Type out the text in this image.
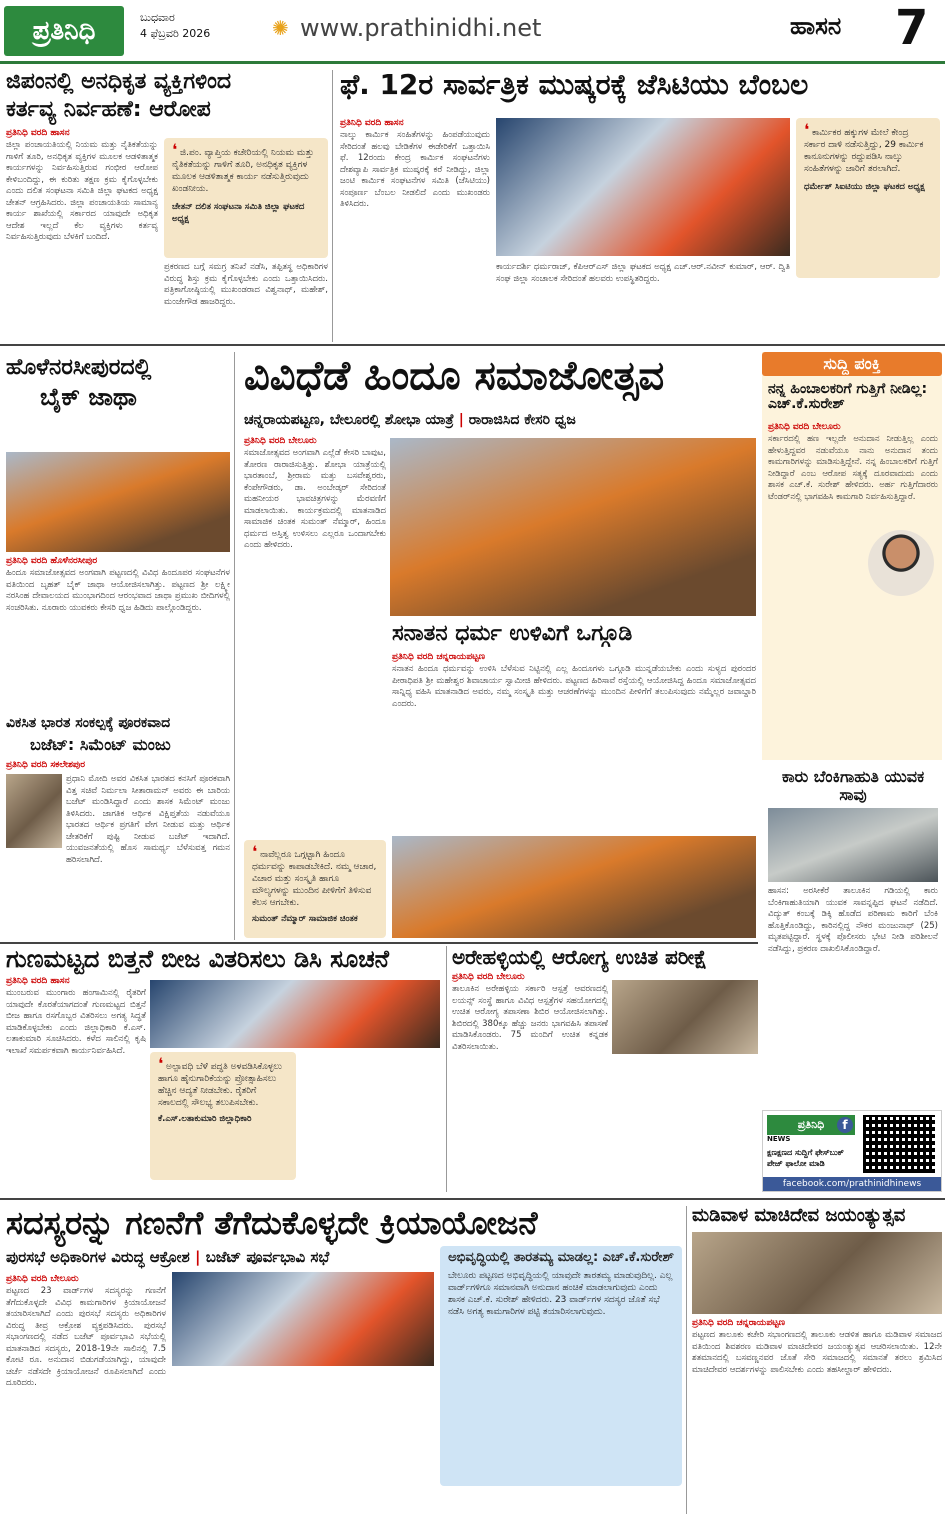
ಪ್ರತಿನಿಧಿ	ಬುಧವಾರ
4 ಫೆಬ್ರವರಿ 2026	✺ www.prathinidhi.net	ಹಾಸನ 7
ಜಿಪಂನಲ್ಲಿ ಅನಧಿಕೃತ ವ್ಯಕ್ತಿಗಳಿಂದ
ಕರ್ತವ್ಯ ನಿರ್ವಹಣೆ: ಆರೋಪ
ಪ್ರತಿನಿಧಿ ವರದಿ ಹಾಸನ
ಜಿಲ್ಲಾ ಪಂಚಾಯತಿಯಲ್ಲಿ ನಿಯಮ ಮತ್ತು ನೈತಿಕತೆಯನ್ನು ಗಾಳಿಗೆ ತೂರಿ, ಅನಧಿಕೃತ ವ್ಯಕ್ತಿಗಳ ಮೂಲಕ ಆಡಳಿತಾತ್ಮಕ ಕಾರ್ಯಗಳನ್ನು ನಿರ್ವಹಿಸುತ್ತಿರುವ ಗಂಭೀರ ಆರೋಪ ಕೇಳಿಬಂದಿದ್ದು, ಈ ಕುರಿತು ತಕ್ಷಣ ಕ್ರಮ ಕೈಗೊಳ್ಳಬೇಕು ಎಂದು ದಲಿತ ಸಂಘಟನಾ ಸಮಿತಿ ಜಿಲ್ಲಾ ಘಟಕದ ಅಧ್ಯಕ್ಷ ಚೇತನ್ ಆಗ್ರಹಿಸಿದರು. ಜಿಲ್ಲಾ ಪಂಚಾಯತಿಯ ಸಾಮಾನ್ಯ ಕಾರ್ಯ ಶಾಖೆಯಲ್ಲಿ ಸರ್ಕಾರದ ಯಾವುದೇ ಅಧಿಕೃತ ಆದೇಶ ಇಲ್ಲದೆ ಕೆಲ ವ್ಯಕ್ತಿಗಳು ಕರ್ತವ್ಯ ನಿರ್ವಹಿಸುತ್ತಿರುವುದು ಬೆಳಕಿಗೆ ಬಂದಿದೆ.
❛ ಜಿ.ಪಂ. ವ್ಯಾಪ್ತಿಯ ಕಚೇರಿಯಲ್ಲಿ ನಿಯಮ ಮತ್ತು ನೈತಿಕತೆಯನ್ನು ಗಾಳಿಗೆ ತೂರಿ, ಅನಧಿಕೃತ ವ್ಯಕ್ತಿಗಳ ಮೂಲಕ ಆಡಳಿತಾತ್ಮಕ ಕಾರ್ಯ ನಡೆಸುತ್ತಿರುವುದು ಖಂಡನೀಯ.
ಚೇತನ್ ದಲಿತ ಸಂಘಟನಾ ಸಮಿತಿ ಜಿಲ್ಲಾ ಘಟಕದ ಅಧ್ಯಕ್ಷ
ಪ್ರಕರಣದ ಬಗ್ಗೆ ಸಮಗ್ರ ತನಿಖೆ ನಡೆಸಿ, ತಪ್ಪಿತಸ್ಥ ಅಧಿಕಾರಿಗಳ ವಿರುದ್ಧ ಶಿಸ್ತು ಕ್ರಮ ಕೈಗೊಳ್ಳಬೇಕು ಎಂದು ಒತ್ತಾಯಿಸಿದರು. ಪತ್ರಿಕಾಗೋಷ್ಠಿಯಲ್ಲಿ ಮುಖಂಡರಾದ ವಿಶ್ವನಾಥ್, ಮಹೇಶ್, ಮಂಜೇಗೌಡ ಹಾಜರಿದ್ದರು.
ಫೆ. 12ರ ಸಾರ್ವತ್ರಿಕ ಮುಷ್ಕರಕ್ಕೆ ಜೆಸಿಟಿಯು ಬೆಂಬಲ
ಪ್ರತಿನಿಧಿ ವರದಿ ಹಾಸನ
ನಾಲ್ಕು ಕಾರ್ಮಿಕ ಸಂಹಿತೆಗಳನ್ನು ಹಿಂಪಡೆಯುವುದು ಸೇರಿದಂತೆ ಹಲವು ಬೇಡಿಕೆಗಳ ಈಡೇರಿಕೆಗೆ ಒತ್ತಾಯಿಸಿ ಫೆ. 12ರಂದು ಕೇಂದ್ರ ಕಾರ್ಮಿಕ ಸಂಘಟನೆಗಳು ದೇಶವ್ಯಾಪಿ ಸಾರ್ವತ್ರಿಕ ಮುಷ್ಕರಕ್ಕೆ ಕರೆ ನೀಡಿದ್ದು, ಜಿಲ್ಲಾ ಜಂಟಿ ಕಾರ್ಮಿಕ ಸಂಘಟನೆಗಳ ಸಮಿತಿ (ಜೆಸಿಟಿಯು) ಸಂಪೂರ್ಣ ಬೆಂಬಲ ನೀಡಲಿದೆ ಎಂದು ಮುಖಂಡರು ತಿಳಿಸಿದರು.
ಕಾರ್ಯದರ್ಶಿ ಧರ್ಮರಾಜ್, ಕೆಪಿಆರ್‌ಎಸ್ ಜಿಲ್ಲಾ ಘಟಕದ ಅಧ್ಯಕ್ಷ ಎಚ್.ಆರ್.ನವೀನ್ ಕುಮಾರ್, ಆರ್. ದ್ವಿತಿ ಸಂಘ ಜಿಲ್ಲಾ ಸಂಚಾಲಕ ಸೇರಿದಂತೆ ಹಲವರು ಉಪಸ್ಥಿತರಿದ್ದರು.
❛ ಕಾರ್ಮಿಕರ ಹಕ್ಕುಗಳ ಮೇಲೆ ಕೇಂದ್ರ ಸರ್ಕಾರ ದಾಳಿ ನಡೆಸುತ್ತಿದ್ದು, 29 ಕಾರ್ಮಿಕ ಕಾನೂನುಗಳನ್ನು ರದ್ದುಪಡಿಸಿ ನಾಲ್ಕು ಸಂಹಿತೆಗಳನ್ನು ಜಾರಿಗೆ ತರಲಾಗಿದೆ.
ಧರ್ಮೇಶ್ ಸಿಐಟಿಯು ಜಿಲ್ಲಾ ಘಟಕದ ಅಧ್ಯಕ್ಷ
ಹೊಳೆನರಸೀಪುರದಲ್ಲಿ
ಬೈಕ್ ಜಾಥಾ
ಪ್ರತಿನಿಧಿ ವರದಿ ಹೊಳೆನರಸೀಪುರ
ಹಿಂದೂ ಸಮಾಜೋತ್ಸವದ ಅಂಗವಾಗಿ ಪಟ್ಟಣದಲ್ಲಿ ವಿವಿಧ ಹಿಂದೂಪರ ಸಂಘಟನೆಗಳ ವತಿಯಿಂದ ಬೃಹತ್ ಬೈಕ್ ಜಾಥಾ ಆಯೋಜಿಸಲಾಗಿತ್ತು. ಪಟ್ಟಣದ ಶ್ರೀ ಲಕ್ಷ್ಮೀ ನರಸಿಂಹ ದೇವಾಲಯದ ಮುಂಭಾಗದಿಂದ ಆರಂಭವಾದ ಜಾಥಾ ಪ್ರಮುಖ ಬೀದಿಗಳಲ್ಲಿ ಸಂಚರಿಸಿತು. ನೂರಾರು ಯುವಕರು ಕೇಸರಿ ಧ್ವಜ ಹಿಡಿದು ಪಾಲ್ಗೊಂಡಿದ್ದರು.
ವಿಕಸಿತ ಭಾರತ ಸಂಕಲ್ಪಕ್ಕೆ ಪೂರಕವಾದ
ಬಜೆಟ್: ಸಿಮೆಂಟ್ ಮಂಜು
ಪ್ರತಿನಿಧಿ ವರದಿ ಸಕಲೇಶಪುರ
ಪ್ರಧಾನಿ ಮೋದಿ ಅವರ ವಿಕಸಿತ ಭಾರತದ ಕನಸಿಗೆ ಪೂರಕವಾಗಿ ವಿತ್ತ ಸಚಿವೆ ನಿರ್ಮಲಾ ಸೀತಾರಾಮನ್ ಅವರು ಈ ಬಾರಿಯ ಬಜೆಟ್ ಮಂಡಿಸಿದ್ದಾರೆ ಎಂದು ಶಾಸಕ ಸಿಮೆಂಟ್ ಮಂಜು ತಿಳಿಸಿದರು. ಜಾಗತಿಕ ಆರ್ಥಿಕ ವಿಕ್ಷಿಪ್ತತೆಯ ನಡುವೆಯೂ ಭಾರತದ ಆರ್ಥಿಕ ಪ್ರಗತಿಗೆ ವೇಗ ನೀಡುವ ಮತ್ತು ಆರ್ಥಿಕ ಚೇತರಿಕೆಗೆ ಪುಷ್ಟಿ ನೀಡುವ ಬಜೆಟ್ ಇದಾಗಿದೆ. ಯುವಜನತೆಯಲ್ಲಿ ಹೊಸ ಸಾಮರ್ಥ್ಯ ಬೆಳೆಸುವತ್ತ ಗಮನ ಹರಿಸಲಾಗಿದೆ.
ವಿವಿಧೆಡೆ ಹಿಂದೂ ಸಮಾಜೋತ್ಸವ
ಚನ್ನರಾಯಪಟ್ಟಣ, ಬೇಲೂರಲ್ಲಿ ಶೋಭಾ ಯಾತ್ರೆ | ರಾರಾಜಿಸಿದ ಕೇಸರಿ ಧ್ವಜ
ಪ್ರತಿನಿಧಿ ವರದಿ ಬೇಲೂರು
ಸಮಾಜೋತ್ಸವದ ಅಂಗವಾಗಿ ಎಲ್ಲೆಡೆ ಕೇಸರಿ ಬಾವುಟ, ತೋರಣ ರಾರಾಜಿಸುತ್ತಿತ್ತು. ಶೋಭಾ ಯಾತ್ರೆಯಲ್ಲಿ ಭಾರತಾಂಬೆ, ಶ್ರೀರಾಮ ಮತ್ತು ಬಸವೇಶ್ವರರು, ಕೆಂಪೇಗೌಡರು, ಡಾ. ಅಂಬೇಡ್ಕರ್ ಸೇರಿದಂತೆ ಮಹನೀಯರ ಭಾವಚಿತ್ರಗಳನ್ನು ಮೆರವಣಿಗೆ ಮಾಡಲಾಯಿತು. ಕಾರ್ಯಕ್ರಮದಲ್ಲಿ ಮಾತನಾಡಿದ ಸಾಮಾಜಿಕ ಚಿಂತಕ ಸುಮಂತ್ ನೆಮ್ಮಾರ್, ಹಿಂದೂ ಧರ್ಮದ ಅಸ್ತಿತ್ವ ಉಳಿಸಲು ಎಲ್ಲರೂ ಒಂದಾಗಬೇಕು ಎಂದು ಹೇಳಿದರು.
❛ ನಾವೆಲ್ಲರೂ ಒಗ್ಗಟ್ಟಾಗಿ ಹಿಂದೂ ಧರ್ಮವನ್ನು ಕಾಪಾಡಬೇಕಿದೆ. ನಮ್ಮ ಆಚಾರ, ವಿಚಾರ ಮತ್ತು ಸಂಸ್ಕೃತಿ ಹಾಗೂ ಮೌಲ್ಯಗಳನ್ನು ಮುಂದಿನ ಪೀಳಿಗೆಗೆ ತಿಳಿಸುವ ಕೆಲಸ ಆಗಬೇಕು.
ಸುಮಂತ್ ನೆಮ್ಮಾರ್ ಸಾಮಾಜಿಕ ಚಿಂತಕ
ಸನಾತನ ಧರ್ಮ ಉಳಿವಿಗೆ ಒಗ್ಗೂಡಿ
ಪ್ರತಿನಿಧಿ ವರದಿ ಚನ್ನರಾಯಪಟ್ಟಣ
ಸನಾತನ ಹಿಂದೂ ಧರ್ಮವನ್ನು ಉಳಿಸಿ ಬೆಳೆಸುವ ನಿಟ್ಟಿನಲ್ಲಿ ಎಲ್ಲ ಹಿಂದೂಗಳು ಒಗ್ಗೂಡಿ ಮುನ್ನಡೆಯಬೇಕು ಎಂದು ಸುಳ್ಯದ ಪುರಂದರ ಪೀಠಾಧಿಪತಿ ಶ್ರೀ ಮಹೇಶ್ವರ ಶಿವಾಚಾರ್ಯ ಸ್ವಾಮೀಜಿ ಹೇಳಿದರು. ಪಟ್ಟಣದ ಹಿರಿಸಾವೆ ರಸ್ತೆಯಲ್ಲಿ ಆಯೋಜಿಸಿದ್ದ ಹಿಂದೂ ಸಮಾಜೋತ್ಸವದ ಸಾನ್ನಿಧ್ಯ ವಹಿಸಿ ಮಾತನಾಡಿದ ಅವರು, ನಮ್ಮ ಸಂಸ್ಕೃತಿ ಮತ್ತು ಆಚರಣೆಗಳನ್ನು ಮುಂದಿನ ಪೀಳಿಗೆಗೆ ತಲುಪಿಸುವುದು ನಮ್ಮೆಲ್ಲರ ಜವಾಬ್ದಾರಿ ಎಂದರು.
ಸುದ್ದಿ ಪಂಕ್ತಿ
ನನ್ನ ಹಿಂಬಾಲಕರಿಗೆ ಗುತ್ತಿಗೆ ನೀಡಿಲ್ಲ: ಎಚ್.ಕೆ.ಸುರೇಶ್
ಪ್ರತಿನಿಧಿ ವರದಿ ಬೇಲೂರು
ಸರ್ಕಾರದಲ್ಲಿ ಹಣ ಇಲ್ಲದೇ ಅನುದಾನ ನೀಡುತ್ತಿಲ್ಲ ಎಂದು ಹೇಳುತ್ತಿದ್ದವರ ನಡುವೆಯೂ ನಾನು ಅನುದಾನ ತಂದು ಕಾಮಗಾರಿಗಳನ್ನು ಮಾಡಿಸುತ್ತಿದ್ದೇನೆ. ನನ್ನ ಹಿಂಬಾಲಕರಿಗೆ ಗುತ್ತಿಗೆ ನೀಡಿದ್ದಾರೆ ಎಂಬ ಆರೋಪ ಸತ್ಯಕ್ಕೆ ದೂರವಾದುದು ಎಂದು ಶಾಸಕ ಎಚ್.ಕೆ. ಸುರೇಶ್ ಹೇಳಿದರು. ಅರ್ಹ ಗುತ್ತಿಗೆದಾರರು ಟೆಂಡರ್‌ನಲ್ಲಿ ಭಾಗವಹಿಸಿ ಕಾಮಗಾರಿ ನಿರ್ವಹಿಸುತ್ತಿದ್ದಾರೆ.
ಕಾರು ಬೆಂಕಿಗಾಹುತಿ ಯುವಕ ಸಾವು
ಹಾಸನ: ಅರಸೀಕೆರೆ ತಾಲೂಕಿನ ಗಡಿಯಲ್ಲಿ ಕಾರು ಬೆಂಕಿಗಾಹುತಿಯಾಗಿ ಯುವಕ ಸಾವನ್ನಪ್ಪಿದ ಘಟನೆ ನಡೆದಿದೆ. ವಿದ್ಯುತ್ ಕಂಬಕ್ಕೆ ಡಿಕ್ಕಿ ಹೊಡೆದ ಪರಿಣಾಮ ಕಾರಿಗೆ ಬೆಂಕಿ ಹೊತ್ತಿಕೊಂಡಿದ್ದು, ಕಾರಿನಲ್ಲಿದ್ದ ನೌಕರ ಮಂಜುನಾಥ್ (25) ಮೃತಪಟ್ಟಿದ್ದಾರೆ. ಸ್ಥಳಕ್ಕೆ ಪೊಲೀಸರು ಭೇಟಿ ನೀಡಿ ಪರಿಶೀಲನೆ ನಡೆಸಿದ್ದು, ಪ್ರಕರಣ ದಾಖಲಿಸಿಕೊಂಡಿದ್ದಾರೆ.
ಪ್ರತಿನಿಧಿ
NEWS
f
ಕ್ಷಣಕ್ಷಣದ ಸುದ್ದಿಗೆ ಫೇಸ್‌ಬುಕ್ ಪೇಜ್ ಫಾಲೋ ಮಾಡಿ
facebook.com/prathinidhinews
ಗುಣಮಟ್ಟದ ಬಿತ್ತನೆ ಬೀಜ ವಿತರಿಸಲು ಡಿಸಿ ಸೂಚನೆ
ಪ್ರತಿನಿಧಿ ವರದಿ ಹಾಸನ
ಮುಂಬರುವ ಮುಂಗಾರು ಹಂಗಾಮಿನಲ್ಲಿ ರೈತರಿಗೆ ಯಾವುದೇ ಕೊರತೆಯಾಗದಂತೆ ಗುಣಮಟ್ಟದ ಬಿತ್ತನೆ ಬೀಜ ಹಾಗೂ ರಸಗೊಬ್ಬರ ವಿತರಿಸಲು ಅಗತ್ಯ ಸಿದ್ಧತೆ ಮಾಡಿಕೊಳ್ಳಬೇಕು ಎಂದು ಜಿಲ್ಲಾಧಿಕಾರಿ ಕೆ.ಎಸ್. ಲತಾಕುಮಾರಿ ಸೂಚಿಸಿದರು. ಕಳೆದ ಸಾಲಿನಲ್ಲಿ ಕೃಷಿ ಇಲಾಖೆ ಸಮರ್ಪಕವಾಗಿ ಕಾರ್ಯನಿರ್ವಹಿಸಿದೆ.
❛ ಅಲ್ಪಾವಧಿ ಬೆಳೆ ಪದ್ಧತಿ ಅಳವಡಿಸಿಕೊಳ್ಳಲು ಹಾಗೂ ಹೈನುಗಾರಿಕೆಯನ್ನು ಪ್ರೋತ್ಸಾಹಿಸಲು ಹೆಚ್ಚಿನ ಆದ್ಯತೆ ನೀಡಬೇಕು. ರೈತರಿಗೆ ಸಕಾಲದಲ್ಲಿ ಸೌಲಭ್ಯ ತಲುಪಿಸಬೇಕು.
ಕೆ.ಎಸ್.ಲತಾಕುಮಾರಿ ಜಿಲ್ಲಾಧಿಕಾರಿ
ಅರೇಹಳ್ಳಿಯಲ್ಲಿ ಆರೋಗ್ಯ ಉಚಿತ ಪರೀಕ್ಷೆ
ಪ್ರತಿನಿಧಿ ವರದಿ ಬೇಲೂರು
ತಾಲೂಕಿನ ಅರೇಹಳ್ಳಿಯ ಸರ್ಕಾರಿ ಆಸ್ಪತ್ರೆ ಆವರಣದಲ್ಲಿ ಲಯನ್ಸ್ ಸಂಸ್ಥೆ ಹಾಗೂ ವಿವಿಧ ಆಸ್ಪತ್ರೆಗಳ ಸಹಯೋಗದಲ್ಲಿ ಉಚಿತ ಆರೋಗ್ಯ ತಪಾಸಣಾ ಶಿಬಿರ ಆಯೋಜಿಸಲಾಗಿತ್ತು. ಶಿಬಿರದಲ್ಲಿ 380ಕ್ಕೂ ಹೆಚ್ಚು ಜನರು ಭಾಗವಹಿಸಿ ತಪಾಸಣೆ ಮಾಡಿಸಿಕೊಂಡರು. 75 ಮಂದಿಗೆ ಉಚಿತ ಕನ್ನಡಕ ವಿತರಿಸಲಾಯಿತು.
ಸದಸ್ಯರನ್ನು ಗಣನೆಗೆ ತೆಗೆದುಕೊಳ್ಳದೇ ಕ್ರಿಯಾಯೋಜನೆ
ಪುರಸಭೆ ಅಧಿಕಾರಿಗಳ ವಿರುದ್ಧ ಆಕ್ರೋಶ | ಬಜೆಟ್ ಪೂರ್ವಭಾವಿ ಸಭೆ
ಪ್ರತಿನಿಧಿ ವರದಿ ಬೇಲೂರು
ಪಟ್ಟಣದ 23 ವಾರ್ಡ್‌ಗಳ ಸದಸ್ಯರನ್ನು ಗಣನೆಗೆ ತೆಗೆದುಕೊಳ್ಳದೇ ವಿವಿಧ ಕಾಮಗಾರಿಗಳ ಕ್ರಿಯಾಯೋಜನೆ ತಯಾರಿಸಲಾಗಿದೆ ಎಂದು ಪುರಸಭೆ ಸದಸ್ಯರು ಅಧಿಕಾರಿಗಳ ವಿರುದ್ಧ ತೀವ್ರ ಆಕ್ರೋಶ ವ್ಯಕ್ತಪಡಿಸಿದರು. ಪುರಸಭೆ ಸಭಾಂಗಣದಲ್ಲಿ ನಡೆದ ಬಜೆಟ್ ಪೂರ್ವಭಾವಿ ಸಭೆಯಲ್ಲಿ ಮಾತನಾಡಿದ ಸದಸ್ಯರು, 2018-19ನೇ ಸಾಲಿನಲ್ಲಿ 7.5 ಕೋಟಿ ರೂ. ಅನುದಾನ ಬಿಡುಗಡೆಯಾಗಿದ್ದು, ಯಾವುದೇ ಚರ್ಚೆ ನಡೆಸದೇ ಕ್ರಿಯಾಯೋಜನೆ ರೂಪಿಸಲಾಗಿದೆ ಎಂದು ದೂರಿದರು.
ಅಭಿವೃದ್ಧಿಯಲ್ಲಿ ತಾರತಮ್ಯ ಮಾಡಲ್ಲ: ಎಚ್.ಕೆ.ಸುರೇಶ್
ಬೇಲೂರು ಪಟ್ಟಣದ ಅಭಿವೃದ್ಧಿಯಲ್ಲಿ ಯಾವುದೇ ತಾರತಮ್ಯ ಮಾಡುವುದಿಲ್ಲ. ಎಲ್ಲ ವಾರ್ಡ್‌ಗಳಿಗೂ ಸಮಾನವಾಗಿ ಅನುದಾನ ಹಂಚಿಕೆ ಮಾಡಲಾಗುವುದು ಎಂದು ಶಾಸಕ ಎಚ್.ಕೆ. ಸುರೇಶ್ ಹೇಳಿದರು. 23 ವಾರ್ಡ್‌ಗಳ ಸದಸ್ಯರ ಜೊತೆ ಸಭೆ ನಡೆಸಿ ಅಗತ್ಯ ಕಾಮಗಾರಿಗಳ ಪಟ್ಟಿ ತಯಾರಿಸಲಾಗುವುದು.
ಮಡಿವಾಳ ಮಾಚಿದೇವ ಜಯಂತ್ಯುತ್ಸವ
ಪ್ರತಿನಿಧಿ ವರದಿ ಚನ್ನರಾಯಪಟ್ಟಣ
ಪಟ್ಟಣದ ತಾಲೂಕು ಕಚೇರಿ ಸಭಾಂಗಣದಲ್ಲಿ ತಾಲೂಕು ಆಡಳಿತ ಹಾಗೂ ಮಡಿವಾಳ ಸಮಾಜದ ವತಿಯಿಂದ ಶಿವಶರಣ ಮಡಿವಾಳ ಮಾಚಿದೇವರ ಜಯಂತ್ಯುತ್ಸವ ಆಚರಿಸಲಾಯಿತು. 12ನೇ ಶತಮಾನದಲ್ಲಿ ಬಸವಣ್ಣನವರ ಜೊತೆ ಸೇರಿ ಸಮಾಜದಲ್ಲಿ ಸಮಾನತೆ ತರಲು ಶ್ರಮಿಸಿದ ಮಾಚಿದೇವರ ಆದರ್ಶಗಳನ್ನು ಪಾಲಿಸಬೇಕು ಎಂದು ತಹಸೀಲ್ದಾರ್ ಹೇಳಿದರು.
